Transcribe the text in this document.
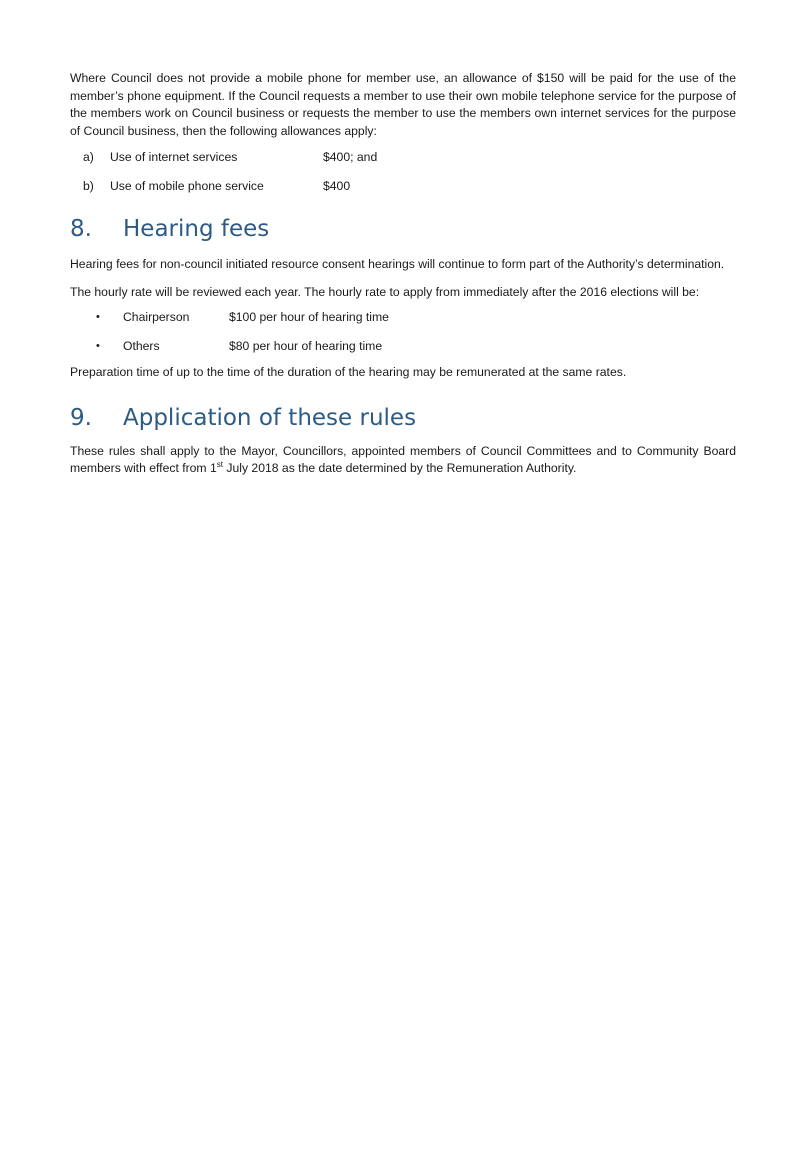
Where Council does not provide a mobile phone for member use, an allowance of $150 will be paid for the use of the member’s phone equipment. If the Council requests a member to use their own mobile telephone service for the purpose of the members work on Council business or requests the member to use the members own internet services for the purpose of Council business, then the following allowances apply:

a)	Use of internet services	$400; and
b)	Use of mobile phone service	$400
8.	Hearing fees

Hearing fees for non-council initiated resource consent hearings will continue to form part of the Authority’s determination.

The hourly rate will be reviewed each year. The hourly rate to apply from immediately after the 2016 elections will be:

•	Chairperson	$100 per hour of hearing time
•	Others	$80 per hour of hearing time

Preparation time of up to the time of the duration of the hearing may be remunerated at the same rates.

9.	Application of these rules

These rules shall apply to the Mayor, Councillors, appointed members of Council Committees and to Community Board members with effect from 1st July 2018 as the date determined by the Remuneration Authority.
